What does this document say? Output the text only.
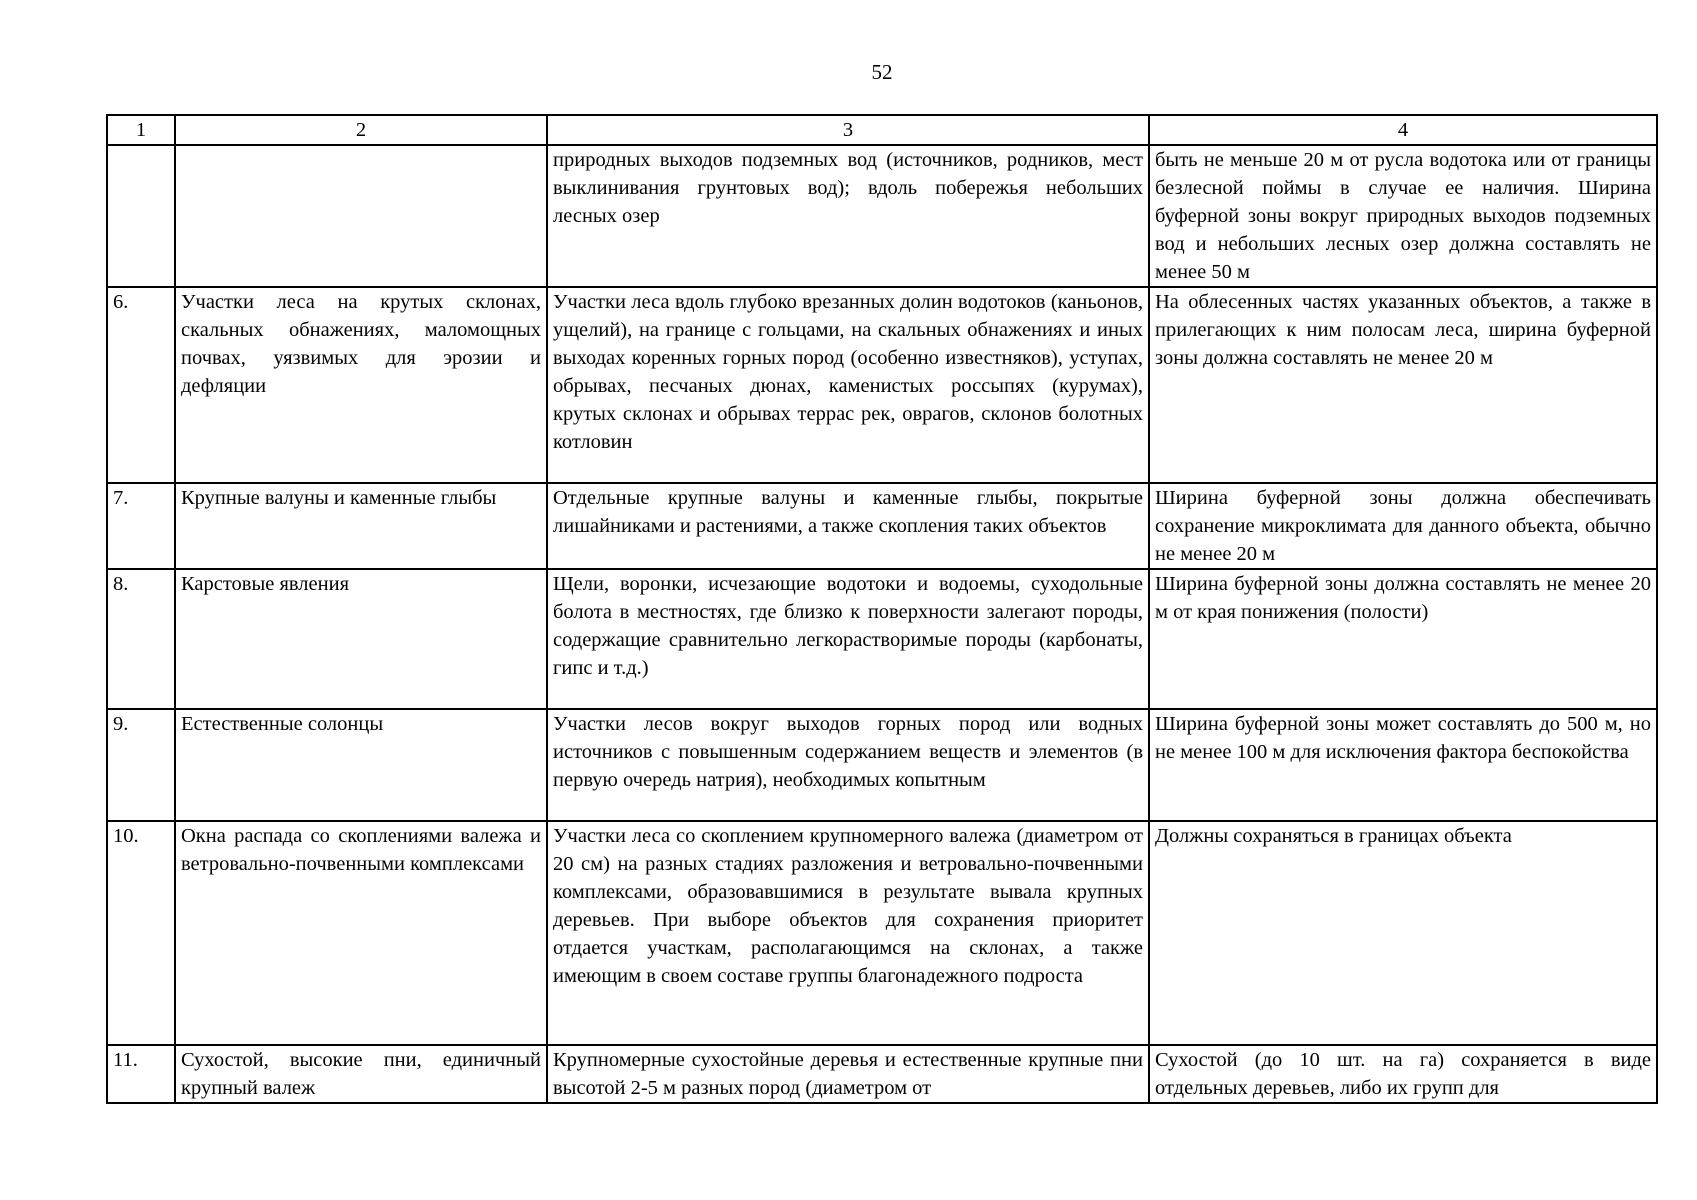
52
1	2	3	4
		природных выходов подземных вод (источников, родников, мест выклинивания грунтовых вод); вдоль побережья небольших лесных озер	быть не меньше 20 м от русла водотока или от границы безлесной поймы в случае ее наличия. Ширина буферной зоны вокруг природных выходов подземных вод и небольших лесных озер должна составлять не менее 50 м
6.	Участки леса на крутых склонах, скальных обнажениях, маломощных почвах, уязвимых для эрозии и дефляции	Участки леса вдоль глубоко врезанных долин водотоков (каньонов, ущелий), на границе с гольцами, на скальных обнажениях и иных выходах коренных горных пород (особенно известняков), уступах, обрывах, песчаных дюнах, каменистых россыпях (курумах), крутых склонах и обрывах террас рек, оврагов, склонов болотных котловин	На облесенных частях указанных объектов, а также в прилегающих к ним полосам леса, ширина буферной зоны должна составлять не менее 20 м
7.	Крупные валуны и каменные глыбы	Отдельные крупные валуны и каменные глыбы, покрытые лишайниками и растениями, а также скопления таких объектов	Ширина буферной зоны должна обеспечивать сохранение микроклимата для данного объекта, обычно не менее 20 м
8.	Карстовые явления	Щели, воронки, исчезающие водотоки и водоемы, суходольные болота в местностях, где близко к поверхности залегают породы, содержащие сравнительно легкорастворимые породы (карбонаты, гипс и т.д.)	Ширина буферной зоны должна составлять не менее 20 м от края понижения (полости)
9.	Естественные солонцы	Участки лесов вокруг выходов горных пород или водных источников с повышенным содержанием веществ и элементов (в первую очередь натрия), необходимых копытным	Ширина буферной зоны может составлять до 500 м, но не менее 100 м для исключения фактора беспокойства
10.	Окна распада со скоплениями валежа и ветровально-почвенными комплексами	Участки леса со скоплением крупномерного валежа (диаметром от 20 см) на разных стадиях разложения и ветровально-почвенными комплексами, образовавшимися в результате вывала крупных деревьев. При выборе объектов для сохранения приоритет отдается участкам, располагающимся на склонах, а также имеющим в своем составе группы благонадежного подроста	Должны сохраняться в границах объекта
11.	Сухостой, высокие пни, единичный крупный валеж	Крупномерные сухостойные деревья и естественные крупные пни высотой 2-5 м разных пород (диаметром от	Сухостой (до 10 шт. на га) сохраняется в виде отдельных деревьев, либо их групп для
